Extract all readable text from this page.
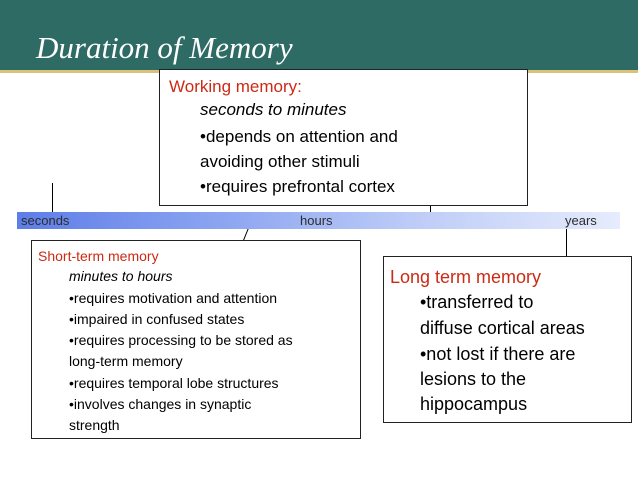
Duration of Memory
seconds	hours	years
Working memory:
seconds to minutes
•depends on attention and
avoiding other stimuli
•requires prefrontal cortex
Short-term memory
minutes to hours
•requires motivation and attention
•impaired in confused states
•requires processing to be stored as
long-term memory
•requires temporal lobe structures
•involves changes in synaptic
strength
Long term memory
•transferred to
diffuse cortical areas
•not lost if there are
lesions to the
hippocampus
